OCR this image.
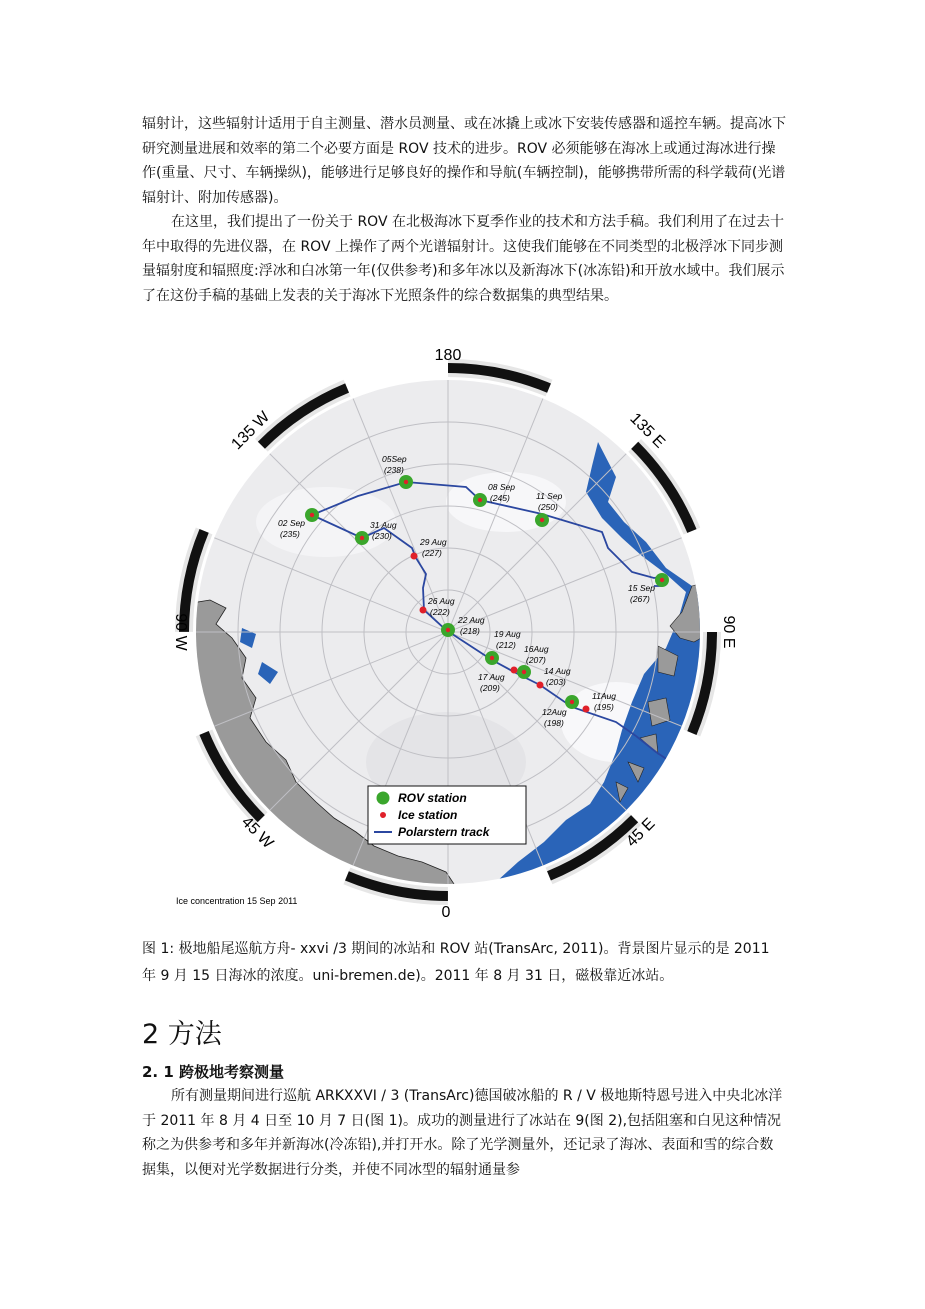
辐射计，这些辐射计适用于自主测量、潜水员测量、或在冰撬上或冰下安装传感器和遥控车辆。提高冰下研究测量进展和效率的第二个必要方面是 ROV 技术的进步。ROV 必须能够在海冰上或通过海冰进行操作(重量、尺寸、车辆操纵)，能够进行足够良好的操作和导航(车辆控制)，能够携带所需的科学载荷(光谱辐射计、附加传感器)。

在这里，我们提出了一份关于 ROV 在北极海冰下夏季作业的技术和方法手稿。我们利用了在过去十年中取得的先进仪器，在 ROV 上操作了两个光谱辐射计。这使我们能够在不同类型的北极浮冰下同步测量辐射度和辐照度:浮冰和白冰第一年(仅供参考)和多年冰以及新海冰下(冰冻铅)和开放水域中。我们展示了在这份手稿的基础上发表的关于海冰下光照条件的综合数据集的典型结果。

180
0
90 W	90 E
135 W	135 E
45 W	45 E
05Sep
(238)
08 Sep
(245)	11 Sep
(250)
02 Sep
(235)
31 Aug
(230)
29 Aug
(227)
15 Sep
(267)
26 Aug
(222)
22 Aug
(218) 19 Aug
(212) 16Aug
(207)
17 Aug
(209)
14 Aug
(203)
12Aug
(198)
11Aug
(195)
ROV station
Ice station
Polarstern track
Ice concentration 15 Sep 2011

图 1: 极地船尾巡航方舟- xxvi /3 期间的冰站和 ROV 站(TransArc, 2011)。背景图片显示的是 2011 年 9 月 15 日海冰的浓度。uni-bremen.de)。2011 年 8 月 31 日，磁极靠近冰站。

2 方法
2. 1 跨极地考察测量

所有测量期间进行巡航 ARKXXVI / 3 (TransArc)德国破冰船的 R / V 极地斯特恩号进入中央北冰洋于 2011 年 8 月 4 日至 10 月 7 日(图 1)。成功的测量进行了冰站在 9(图 2),包括阻塞和白见这种情况称之为供参考和多年并新海冰(冷冻铅),并打开水。除了光学测量外，还记录了海冰、表面和雪的综合数据集，以便对光学数据进行分类，并使不同冰型的辐射通量参
